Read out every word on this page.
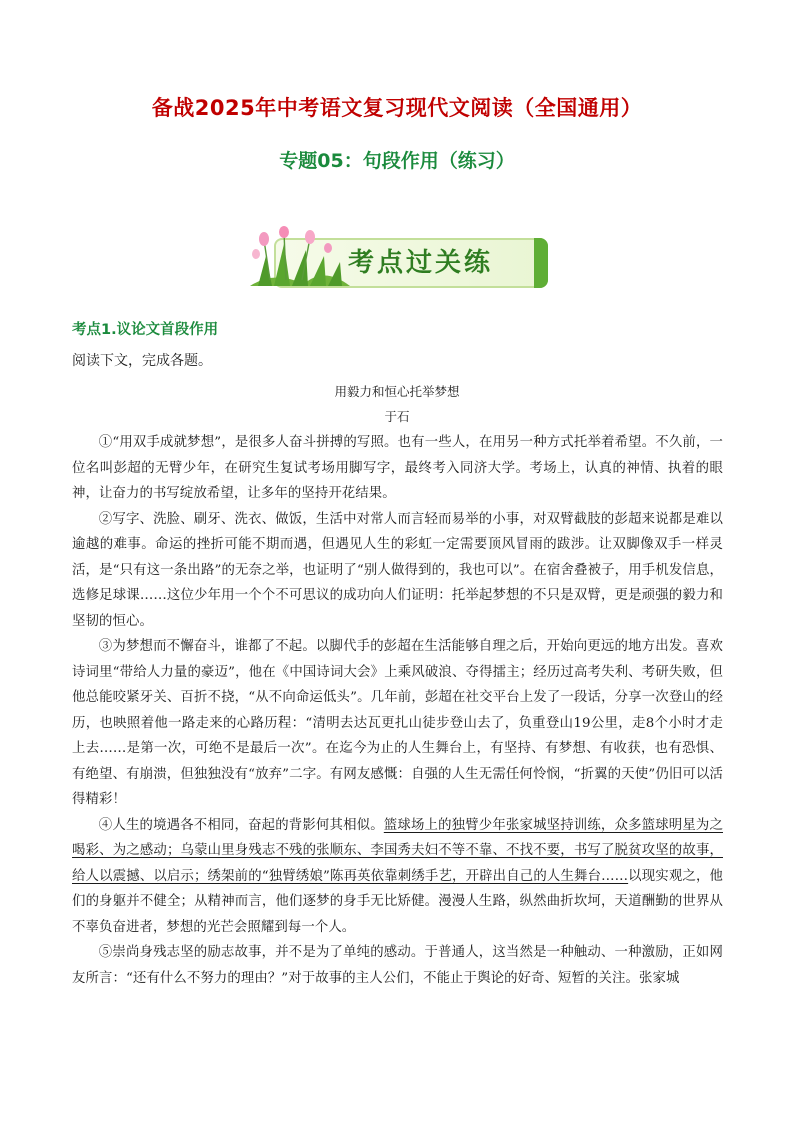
备战2025年中考语文复习现代文阅读（全国通用）
专题05：句段作用（练习）
考点过关练
考点1.议论文首段作用
阅读下文，完成各题。
用毅力和恒心托举梦想
于石

①“用双手成就梦想”，是很多人奋斗拼搏的写照。也有一些人，在用另一种方式托举着希望。不久前，一位名叫彭超的无臂少年，在研究生复试考场用脚写字，最终考入同济大学。考场上，认真的神情、执着的眼神，让奋力的书写绽放希望，让多年的坚持开花结果。

②写字、洗脸、刷牙、洗衣、做饭，生活中对常人而言轻而易举的小事，对双臂截肢的彭超来说都是难以逾越的难事。命运的挫折可能不期而遇，但遇见人生的彩虹一定需要顶风冒雨的跋涉。让双脚像双手一样灵活，是“只有这一条出路”的无奈之举，也证明了“别人做得到的，我也可以”。在宿舍叠被子，用手机发信息，选修足球课……这位少年用一个个不可思议的成功向人们证明：托举起梦想的不只是双臂，更是顽强的毅力和坚韧的恒心。

③为梦想而不懈奋斗，谁都了不起。以脚代手的彭超在生活能够自理之后，开始向更远的地方出发。喜欢诗词里“带给人力量的豪迈”，他在《中国诗词大会》上乘风破浪、夺得擂主；经历过高考失利、考研失败，但他总能咬紧牙关、百折不挠，“从不向命运低头”。几年前，彭超在社交平台上发了一段话，分享一次登山的经历，也映照着他一路走来的心路历程：“清明去达瓦更扎山徒步登山去了，负重登山19公里，走8个小时才走上去……是第一次，可绝不是最后一次”。在迄今为止的人生舞台上，有坚持、有梦想、有收获，也有恐惧、有绝望、有崩溃，但独独没有“放弃”二字。有网友感慨：自强的人生无需任何怜悯，“折翼的天使”仍旧可以活得精彩！

④人生的境遇各不相同，奋起的背影何其相似。篮球场上的独臂少年张家城坚持训练，众多篮球明星为之喝彩、为之感动；乌蒙山里身残志不残的张顺东、李国秀夫妇不等不靠、不找不要，书写了脱贫攻坚的故事，给人以震撼、以启示；绣架前的“独臂绣娘”陈再英依靠刺绣手艺，开辟出自己的人生舞台……以现实观之，他们的身躯并不健全；从精神而言，他们逐梦的身手无比矫健。漫漫人生路，纵然曲折坎坷，天道酬勤的世界从不辜负奋进者，梦想的光芒会照耀到每一个人。

⑤崇尚身残志坚的励志故事，并不是为了单纯的感动。于普通人，这当然是一种触动、一种激励，正如网友所言：“还有什么不努力的理由？”对于故事的主人公们，不能止于舆论的好奇、短暂的关注。张家城
